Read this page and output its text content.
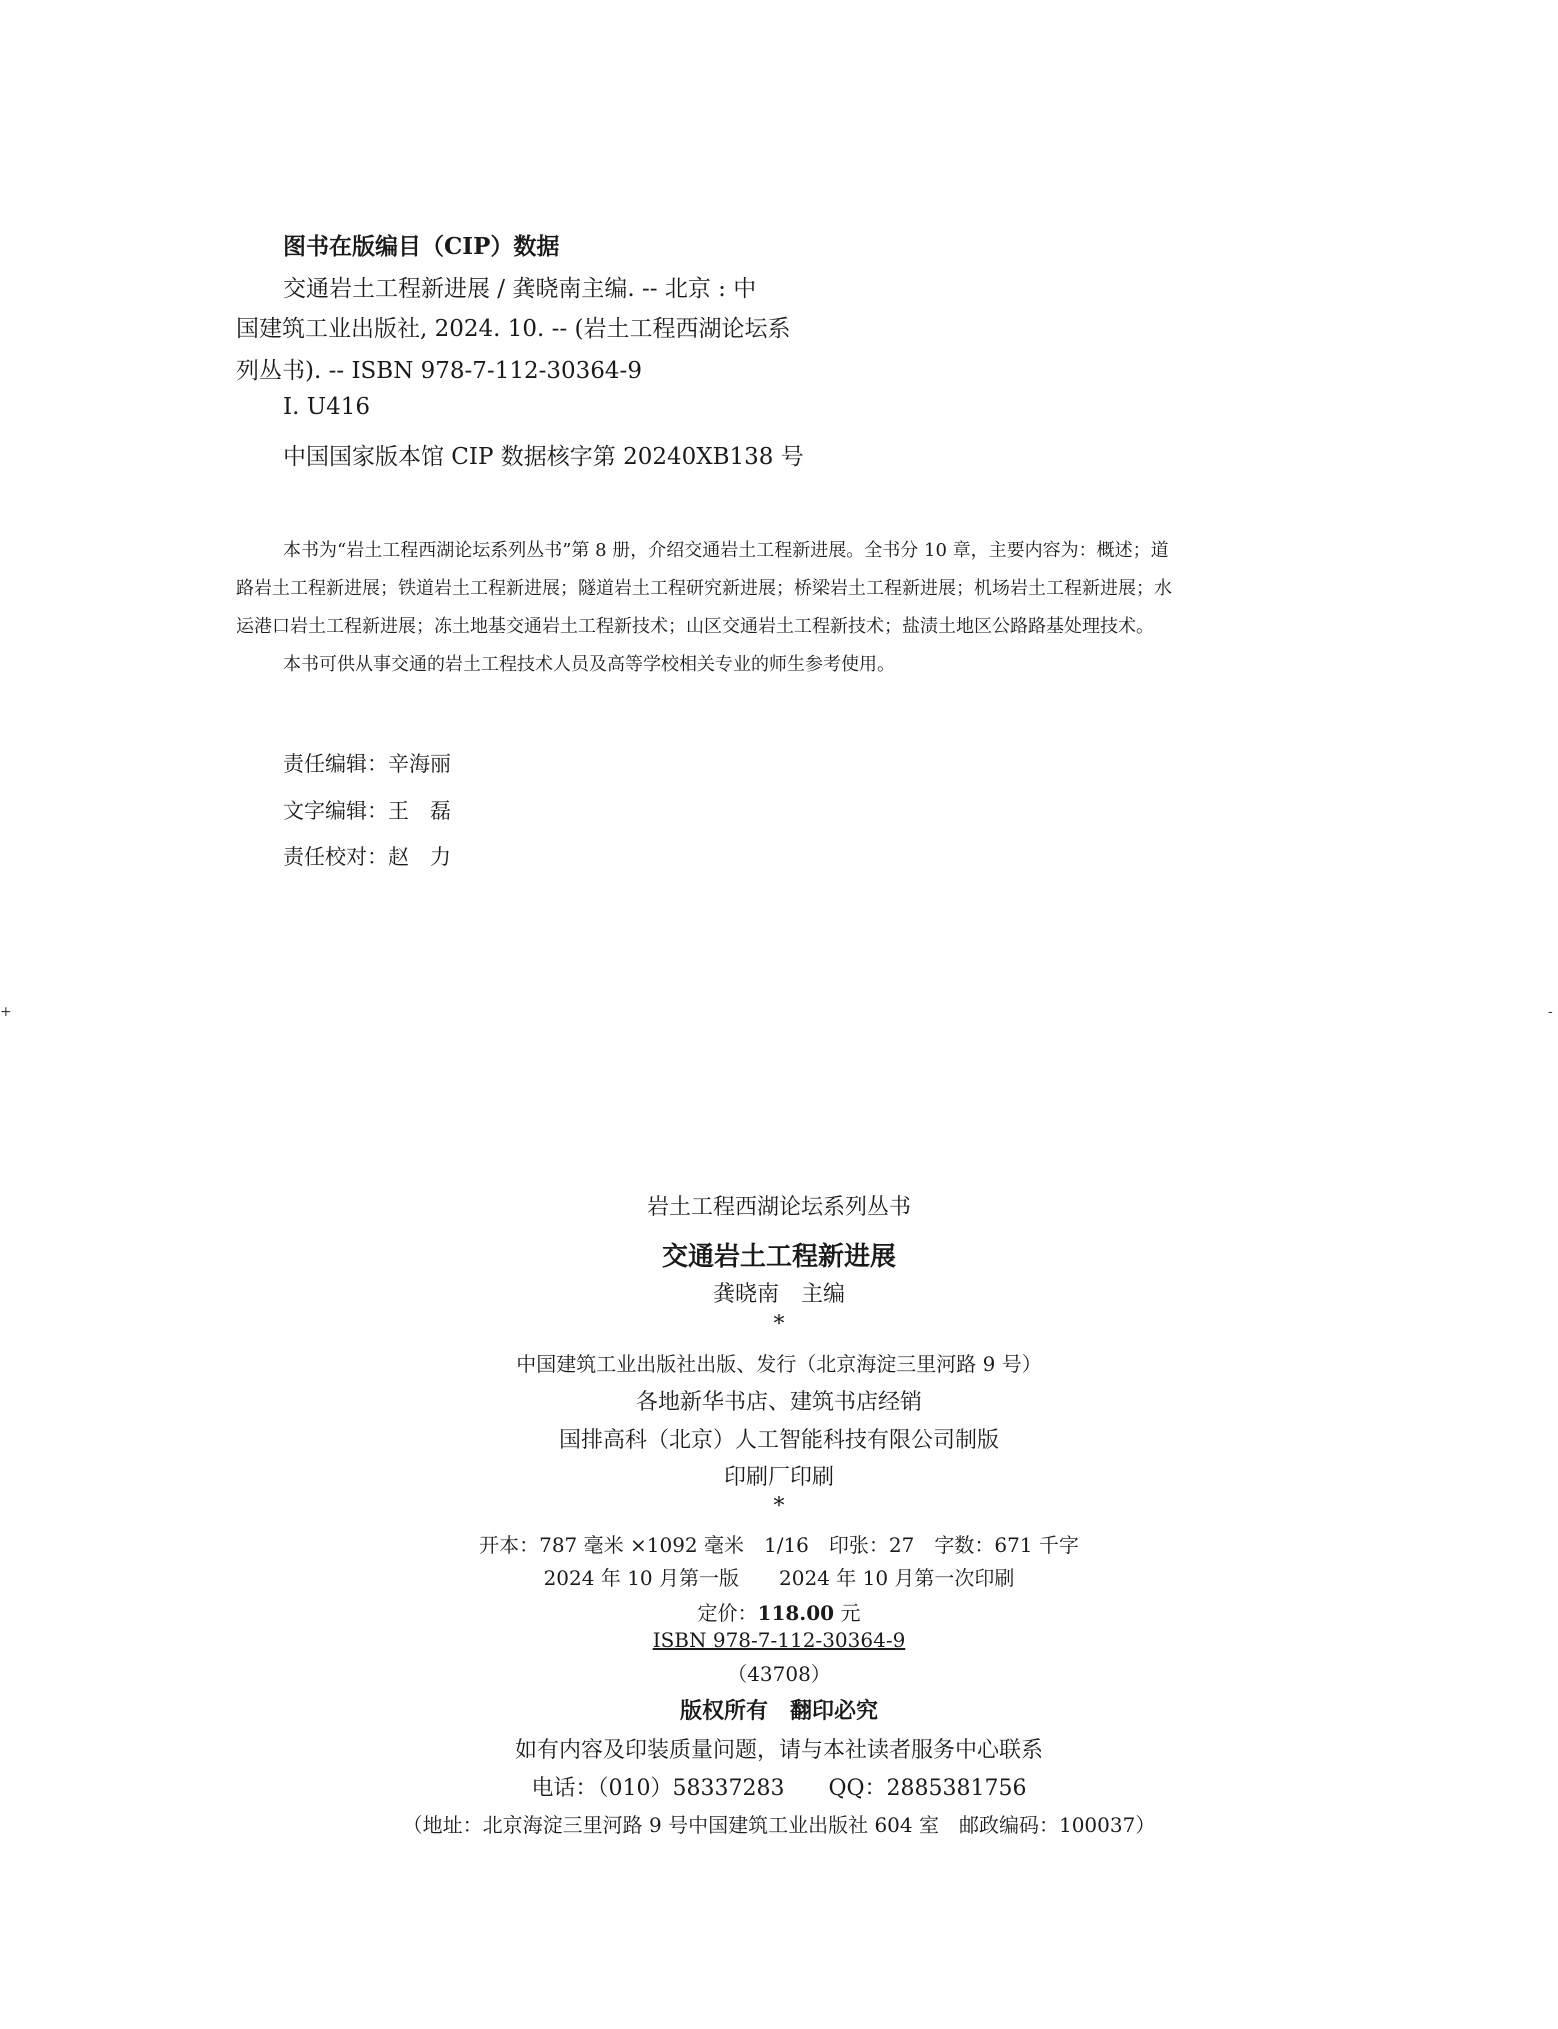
图书在版编目（CIP）数据
交通岩土工程新进展 / 龚晓南主编. -- 北京 : 中
国建筑工业出版社, 2024. 10. -- (岩土工程西湖论坛系
列丛书). -- ISBN 978-7-112-30364-9
Ⅰ. U416
中国国家版本馆 CIP 数据核字第 20240XB138 号
本书为“岩土工程西湖论坛系列丛书”第 8 册，介绍交通岩土工程新进展。全书分 10 章，主要内容为：概述；道
路岩土工程新进展；铁道岩土工程新进展；隧道岩土工程研究新进展；桥梁岩土工程新进展；机场岩土工程新进展；水
运港口岩土工程新进展；冻土地基交通岩土工程新技术；山区交通岩土工程新技术；盐渍土地区公路路基处理技术。
本书可供从事交通的岩土工程技术人员及高等学校相关专业的师生参考使用。
责任编辑：辛海丽
文字编辑：王　磊
责任校对：赵　力
+	-
岩土工程西湖论坛系列丛书
交通岩土工程新进展
龚晓南　主编
*
中国建筑工业出版社出版、发行（北京海淀三里河路 9 号）
各地新华书店、建筑书店经销
国排高科（北京）人工智能科技有限公司制版
印刷厂印刷
*
开本：787 毫米 ×1092 毫米　1/16　印张：27　字数：671 千字
2024 年 10 月第一版　　2024 年 10 月第一次印刷
定价：118.00 元
ISBN 978-7-112-30364-9
（43708）
版权所有　翻印必究
如有内容及印装质量问题，请与本社读者服务中心联系
电话：（010）58337283　　QQ：2885381756
（地址：北京海淀三里河路 9 号中国建筑工业出版社 604 室　邮政编码：100037）
